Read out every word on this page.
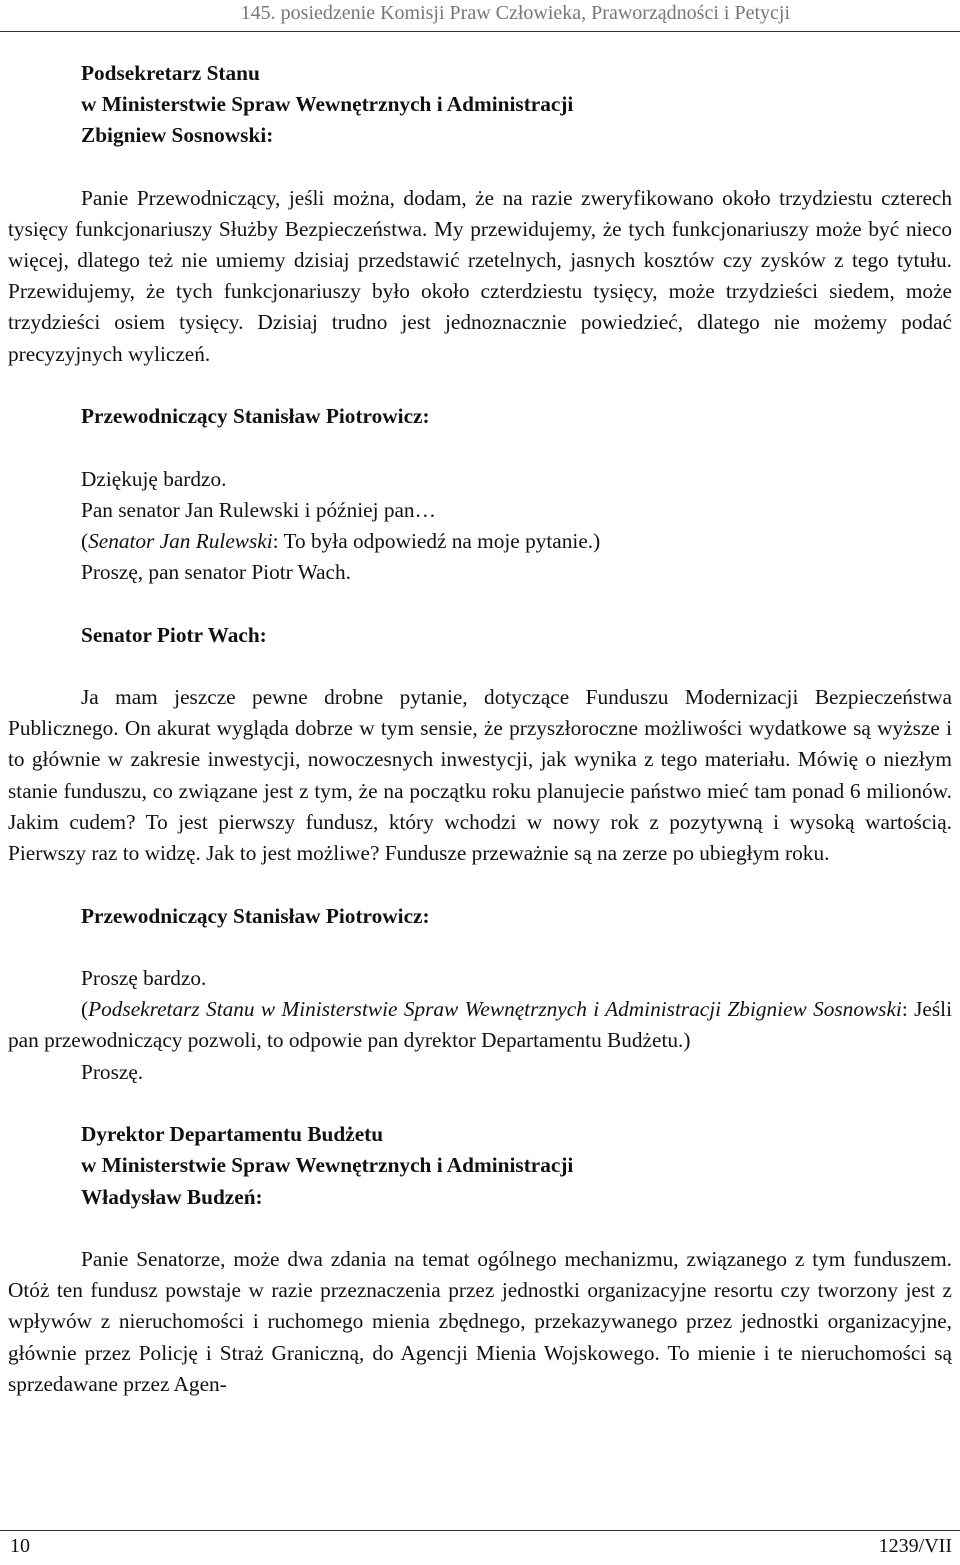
145. posiedzenie Komisji Praw Człowieka, Praworządności i Petycji

Podsekretarz Stanu
w Ministerstwie Spraw Wewnętrznych i Administracji
Zbigniew Sosnowski:

Panie Przewodniczący, jeśli można, dodam, że na razie zweryfikowano około trzydziestu czterech tysięcy funkcjonariuszy Służby Bezpieczeństwa. My przewidujemy, że tych funkcjonariuszy może być nieco więcej, dlatego też nie umiemy dzisiaj przedstawić rzetelnych, jasnych kosztów czy zysków z tego tytułu. Przewidujemy, że tych funkcjonariuszy było około czterdziestu tysięcy, może trzydzieści siedem, może trzydzieści osiem tysięcy. Dzisiaj trudno jest jednoznacznie powiedzieć, dlatego nie możemy podać precyzyjnych wyliczeń.

Przewodniczący Stanisław Piotrowicz:

Dziękuję bardzo.

Pan senator Jan Rulewski i później pan…

(Senator Jan Rulewski: To była odpowiedź na moje pytanie.)

Proszę, pan senator Piotr Wach.

Senator Piotr Wach:

Ja mam jeszcze pewne drobne pytanie, dotyczące Funduszu Modernizacji Bezpieczeństwa Publicznego. On akurat wygląda dobrze w tym sensie, że przyszłoroczne możliwości wydatkowe są wyższe i to głównie w zakresie inwestycji, nowoczesnych inwestycji, jak wynika z tego materiału. Mówię o niezłym stanie funduszu, co związane jest z tym, że na początku roku planujecie państwo mieć tam ponad 6 milionów. Jakim cudem? To jest pierwszy fundusz, który wchodzi w nowy rok z pozytywną i wysoką wartością. Pierwszy raz to widzę. Jak to jest możliwe? Fundusze przeważnie są na zerze po ubiegłym roku.

Przewodniczący Stanisław Piotrowicz:

Proszę bardzo.

(Podsekretarz Stanu w Ministerstwie Spraw Wewnętrznych i Administracji Zbigniew Sosnowski: Jeśli pan przewodniczący pozwoli, to odpowie pan dyrektor Departamentu Budżetu.)

Proszę.

Dyrektor Departamentu Budżetu
w Ministerstwie Spraw Wewnętrznych i Administracji
Władysław Budzeń:

Panie Senatorze, może dwa zdania na temat ogólnego mechanizmu, związanego z tym funduszem. Otóż ten fundusz powstaje w razie przeznaczenia przez jednostki organizacyjne resortu czy tworzony jest z wpływów z nieruchomości i ruchomego mienia zbędnego, przekazywanego przez jednostki organizacyjne, głównie przez Policję i Straż Graniczną, do Agencji Mienia Wojskowego. To mienie i te nieruchomości są sprzedawane przez Agen-

10	1239/VII
